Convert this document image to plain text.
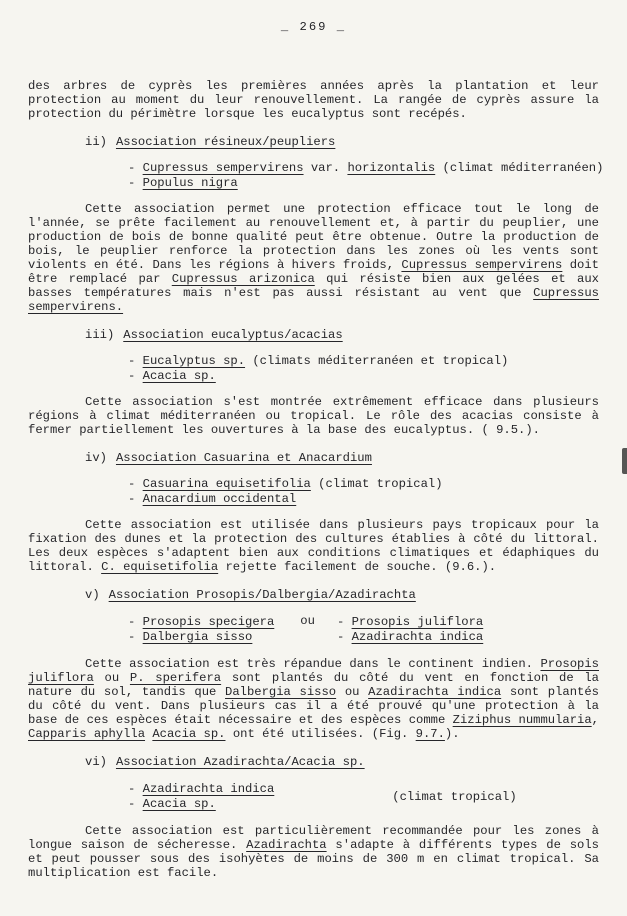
_ 269 _

des arbres de cyprès les premières années après la plantation et leur protection au moment du leur renouvellement. La rangée de cyprès assure la protection du périmètre lorsque les eucalyptus sont recépés.

ii) Association résineux/peupliers
- Cupressus sempervirens var. horizontalis (climat méditerranéen)
- Populus nigra

Cette association permet une protection efficace tout le long de l'année, se prête facilement au renouvellement et, à partir du peuplier, une production de bois de bonne qualité peut être obtenue. Outre la production de bois, le peuplier renforce la protection dans les zones où les vents sont violents en été. Dans les régions à hivers froids, Cupressus sempervirens doit être remplacé par Cupressus arizonica qui résiste bien aux gelées et aux basses températures mais n'est pas aussi résistant au vent que Cupressus sempervirens.

iii) Association eucalyptus/acacias
- Eucalyptus sp. (climats méditerranéen et tropical)
- Acacia sp.

Cette association s'est montrée extrêmement efficace dans plusieurs régions à climat méditerranéen ou tropical. Le rôle des acacias consiste à fermer partiellement les ouvertures à la base des eucalyptus. ( 9.5.).

iv) Association Casuarina et Anacardium
- Casuarina equisetifolia (climat tropical)
- Anacardium occidental

Cette association est utilisée dans plusieurs pays tropicaux pour la fixation des dunes et la protection des cultures établies à côté du littoral. Les deux espèces s'adaptent bien aux conditions climatiques et édaphiques du littoral. C. equisetifolia rejette facilement de souche. (9.6.).

v) Association Prosopis/Dalbergia/Azadirachta
- Prosopis specigera
- Dalbergia sisso
ou	- Prosopis juliflora
- Azadirachta indica

Cette association est très répandue dans le continent indien. Prosopis juliflora ou P. sperifera sont plantés du côté du vent en fonction de la nature du sol, tandis que Dalbergia sisso ou Azadirachta indica sont plantés du côté du vent. Dans plusieurs cas il a été prouvé qu'une protection à la base de ces espèces était nécessaire et des espèces comme Ziziphus nummularia, Capparis aphylla Acacia sp. ont été utilisées. (Fig. 9.7.).

vi) Association Azadirachta/Acacia sp.
- Azadirachta indica
- Acacia sp.
(climat tropical)

Cette association est particulièrement recommandée pour les zones à longue saison de sécheresse. Azadirachta s'adapte à différents types de sols et peut pousser sous des isohyètes de moins de 300 m en climat tropical. Sa multiplication est facile.
